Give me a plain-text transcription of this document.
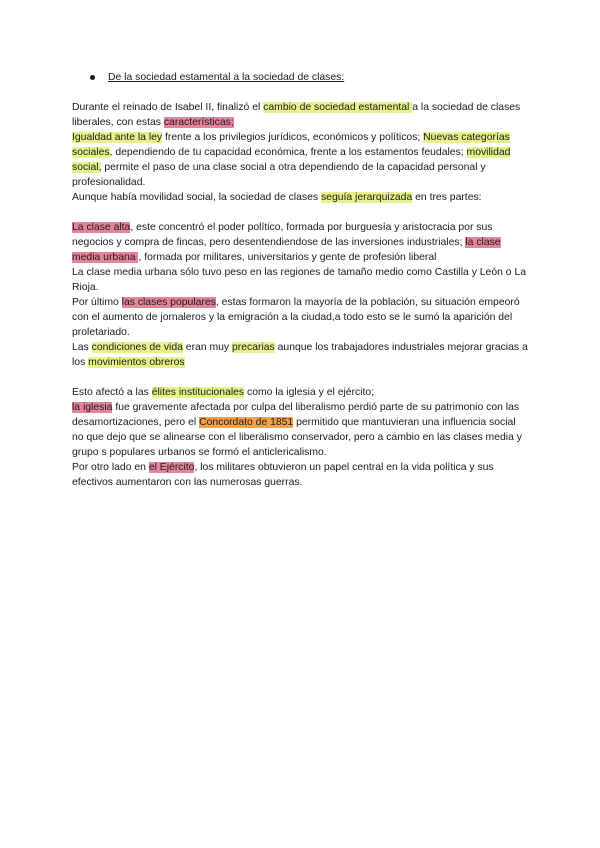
De la sociedad estamental a la sociedad de clases:

Durante el reinado de Isabel II, finalizó el cambio de sociedad estamental a la sociedad de clases liberales, con estas características;

Igualdad ante la ley frente a los privilegios jurídicos, económicos y políticos; Nuevas categorías sociales, dependiendo de tu capacidad económica, frente a los estamentos feudales; movilidad social, permite el paso de una clase social a otra dependiendo de la capacidad personal y profesionalidad.

Aunque había movilidad social, la sociedad de clases seguía jerarquizada en tres partes:

La clase alta, este concentró el poder político, formada por burguesía y aristocracia por sus negocios y compra de fincas, pero desentendiendose de las inversiones industriales; la clase media urbana , formada por militares, universitarios y gente de profesión liberal

La clase media urbana sólo tuvo peso en las regiones de tamaño medio como Castilla y León o La Rioja.

Por último las clases populares, estas formaron la mayoría de la población, su situación empeoró con el aumento de jornaleros y la emigración a la ciudad,a todo esto se le sumó la aparición del proletariado.

Las condiciones de vida eran muy precarias aunque los trabajadores industriales mejorar gracias a los movimientos obreros

Esto afectó a las élites institucionales como la iglesia y el ejército;

la iglesia fue gravemente afectada por culpa del liberalismo perdió parte de su patrimonio con las desamortizaciones, pero el Concordato de 1851 permitido que mantuvieran una influencia social no que dejo que se alinearse con el liberalismo conservador, pero a cambio en las clases media y grupo s populares urbanos se formó el anticlericalismo.

Por otro lado en el Ejército, los militares obtuvieron un papel central en la vida política y sus efectivos aumentaron con las numerosas guerras.
